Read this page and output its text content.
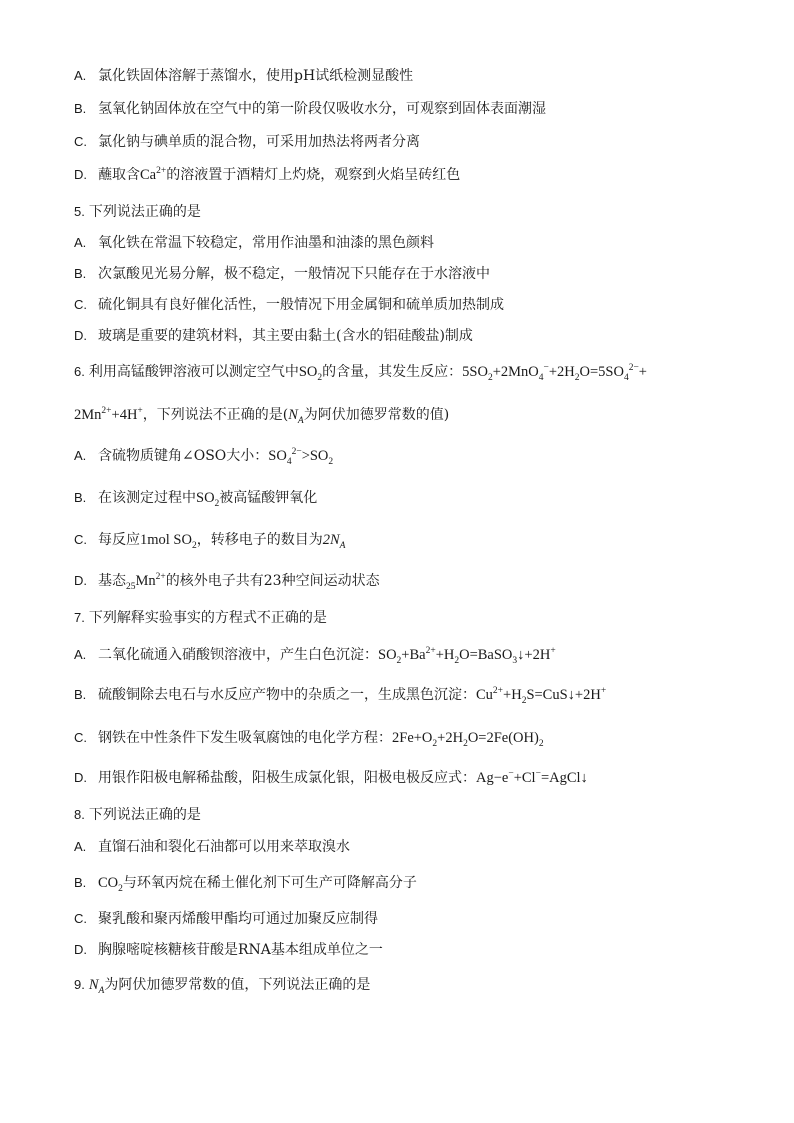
A. 氯化铁固体溶解于蒸馏水，使用pH试纸检测显酸性
B. 氢氧化钠固体放在空气中的第一阶段仅吸收水分，可观察到固体表面潮湿
C. 氯化钠与碘单质的混合物，可采用加热法将两者分离
D. 蘸取含$Ca^{2+}$的溶液置于酒精灯上灼烧，观察到火焰呈砖红色
5. 下列说法正确的是
A. 氧化铁在常温下较稳定，常用作油墨和油漆的黑色颜料
B. 次氯酸见光易分解，极不稳定，一般情况下只能存在于水溶液中
C. 硫化铜具有良好催化活性，一般情况下用金属铜和硫单质加热制成
D. 玻璃是重要的建筑材料，其主要由黏土(含水的铝硅酸盐)制成
6. 利用高锰酸钾溶液可以测定空气中$SO_2$的含量，其发生反应：$5SO_2+2MnO_4^-+2H_2O=5SO_4^{2-}+$
$2Mn^{2+}+4H^+$，下列说法不正确的是($N_A$为阿伏加德罗常数的值)
A. 含硫物质键角∠OSO大小：$SO_4^{2-}>SO_2$
B. 在该测定过程中$SO_2$被高锰酸钾氧化
C. 每反应1mol $SO_2$，转移电子的数目为$2N_A$
D. 基态$_{25}Mn^{2+}$的核外电子共有23种空间运动状态
7. 下列解释实验事实的方程式不正确的是
A. 二氧化硫通入硝酸钡溶液中，产生白色沉淀：$SO_2+Ba^{2+}+H_2O=BaSO_3↓+2H^+$
B. 硫酸铜除去电石与水反应产物中的杂质之一，生成黑色沉淀：$Cu^{2+}+H_2S=CuS↓+2H^+$
C. 钢铁在中性条件下发生吸氧腐蚀的电化学方程：$2Fe+O_2+2H_2O=2Fe(OH)_2$
D. 用银作阳极电解稀盐酸，阳极生成氯化银，阳极电极反应式：Ag−e−+Cl−=AgCl↓
8. 下列说法正确的是
A. 直馏石油和裂化石油都可以用来萃取溴水
B. $CO_2$与环氧丙烷在稀土催化剂下可生产可降解高分子
C. 聚乳酸和聚丙烯酸甲酯均可通过加聚反应制得
D. 胸腺嘧啶核糖核苷酸是RNA基本组成单位之一
9. $N_A$为阿伏加德罗常数的值，下列说法正确的是
